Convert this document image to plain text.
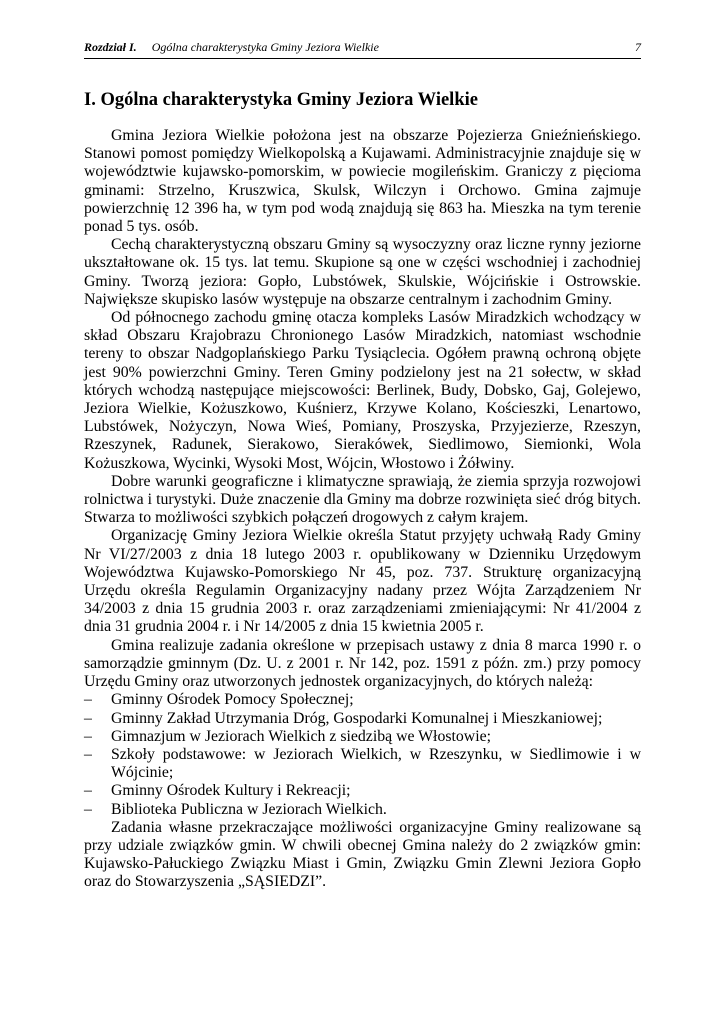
Rozdział I. Ogólna charakterystyka Gminy Jeziora Wielkie	7
I. Ogólna charakterystyka Gminy Jeziora Wielkie

Gmina Jeziora Wielkie położona jest na obszarze Pojezierza Gnieźnieńskiego. Stanowi pomost pomiędzy Wielkopolską a Kujawami. Administracyjnie znajduje się w województwie kujawsko-pomorskim, w powiecie mogileńskim. Graniczy z pięcioma gminami: Strzelno, Kruszwica, Skulsk, Wilczyn i Orchowo. Gmina zajmuje powierzchnię 12 396 ha, w tym pod wodą znajdują się 863 ha. Mieszka na tym terenie ponad 5 tys. osób.

Cechą charakterystyczną obszaru Gminy są wysoczyzny oraz liczne rynny jeziorne ukształtowane ok. 15 tys. lat temu. Skupione są one w części wschodniej i zachodniej Gminy. Tworzą jeziora: Gopło, Lubstówek, Skulskie, Wójcińskie i Ostrowskie. Największe skupisko lasów występuje na obszarze centralnym i zachodnim Gminy.

Od północnego zachodu gminę otacza kompleks Lasów Miradzkich wchodzący w skład Obszaru Krajobrazu Chronionego Lasów Miradzkich, natomiast wschodnie tereny to obszar Nadgoplańskiego Parku Tysiąclecia. Ogółem prawną ochroną objęte jest 90% powierzchni Gminy. Teren Gminy podzielony jest na 21 sołectw, w skład których wchodzą następujące miejscowości: Berlinek, Budy, Dobsko, Gaj, Golejewo, Jeziora Wielkie, Kożuszkowo, Kuśnierz, Krzywe Kolano, Kościeszki, Lenartowo, Lubstówek, Nożyczyn, Nowa Wieś, Pomiany, Proszyska, Przyjezierze, Rzeszyn, Rzeszynek, Radunek, Sierakowo, Sierakówek, Siedlimowo, Siemionki, Wola Kożuszkowa, Wycinki, Wysoki Most, Wójcin, Włostowo i Żółwiny.

Dobre warunki geograficzne i klimatyczne sprawiają, że ziemia sprzyja rozwojowi rolnictwa i turystyki. Duże znaczenie dla Gminy ma dobrze rozwinięta sieć dróg bitych. Stwarza to możliwości szybkich połączeń drogowych z całym krajem.

Organizację Gminy Jeziora Wielkie określa Statut przyjęty uchwałą Rady Gminy Nr VI/27/2003 z dnia 18 lutego 2003 r. opublikowany w Dzienniku Urzędowym Województwa Kujawsko-Pomorskiego Nr 45, poz. 737. Strukturę organizacyjną Urzędu określa Regulamin Organizacyjny nadany przez Wójta Zarządzeniem Nr 34/2003 z dnia 15 grudnia 2003 r. oraz zarządzeniami zmieniającymi: Nr 41/2004 z dnia 31 grudnia 2004 r. i Nr 14/2005 z dnia 15 kwietnia 2005 r.

Gmina realizuje zadania określone w przepisach ustawy z dnia 8 marca 1990 r. o samorządzie gminnym (Dz. U. z 2001 r. Nr 142, poz. 1591 z późn. zm.) przy pomocy Urzędu Gminy oraz utworzonych jednostek organizacyjnych, do których należą:

– Gminny Ośrodek Pomocy Społecznej;
– Gminny Zakład Utrzymania Dróg, Gospodarki Komunalnej i Mieszkaniowej;
– Gimnazjum w Jeziorach Wielkich z siedzibą we Włostowie;
– Szkoły podstawowe: w Jeziorach Wielkich, w Rzeszynku, w Siedlimowie i w Wójcinie;
– Gminny Ośrodek Kultury i Rekreacji;
– Biblioteka Publiczna w Jeziorach Wielkich.

Zadania własne przekraczające możliwości organizacyjne Gminy realizowane są przy udziale związków gmin. W chwili obecnej Gmina należy do 2 związków gmin: Kujawsko-Pałuckiego Związku Miast i Gmin, Związku Gmin Zlewni Jeziora Gopło oraz do Stowarzyszenia „SĄSIEDZI”.
